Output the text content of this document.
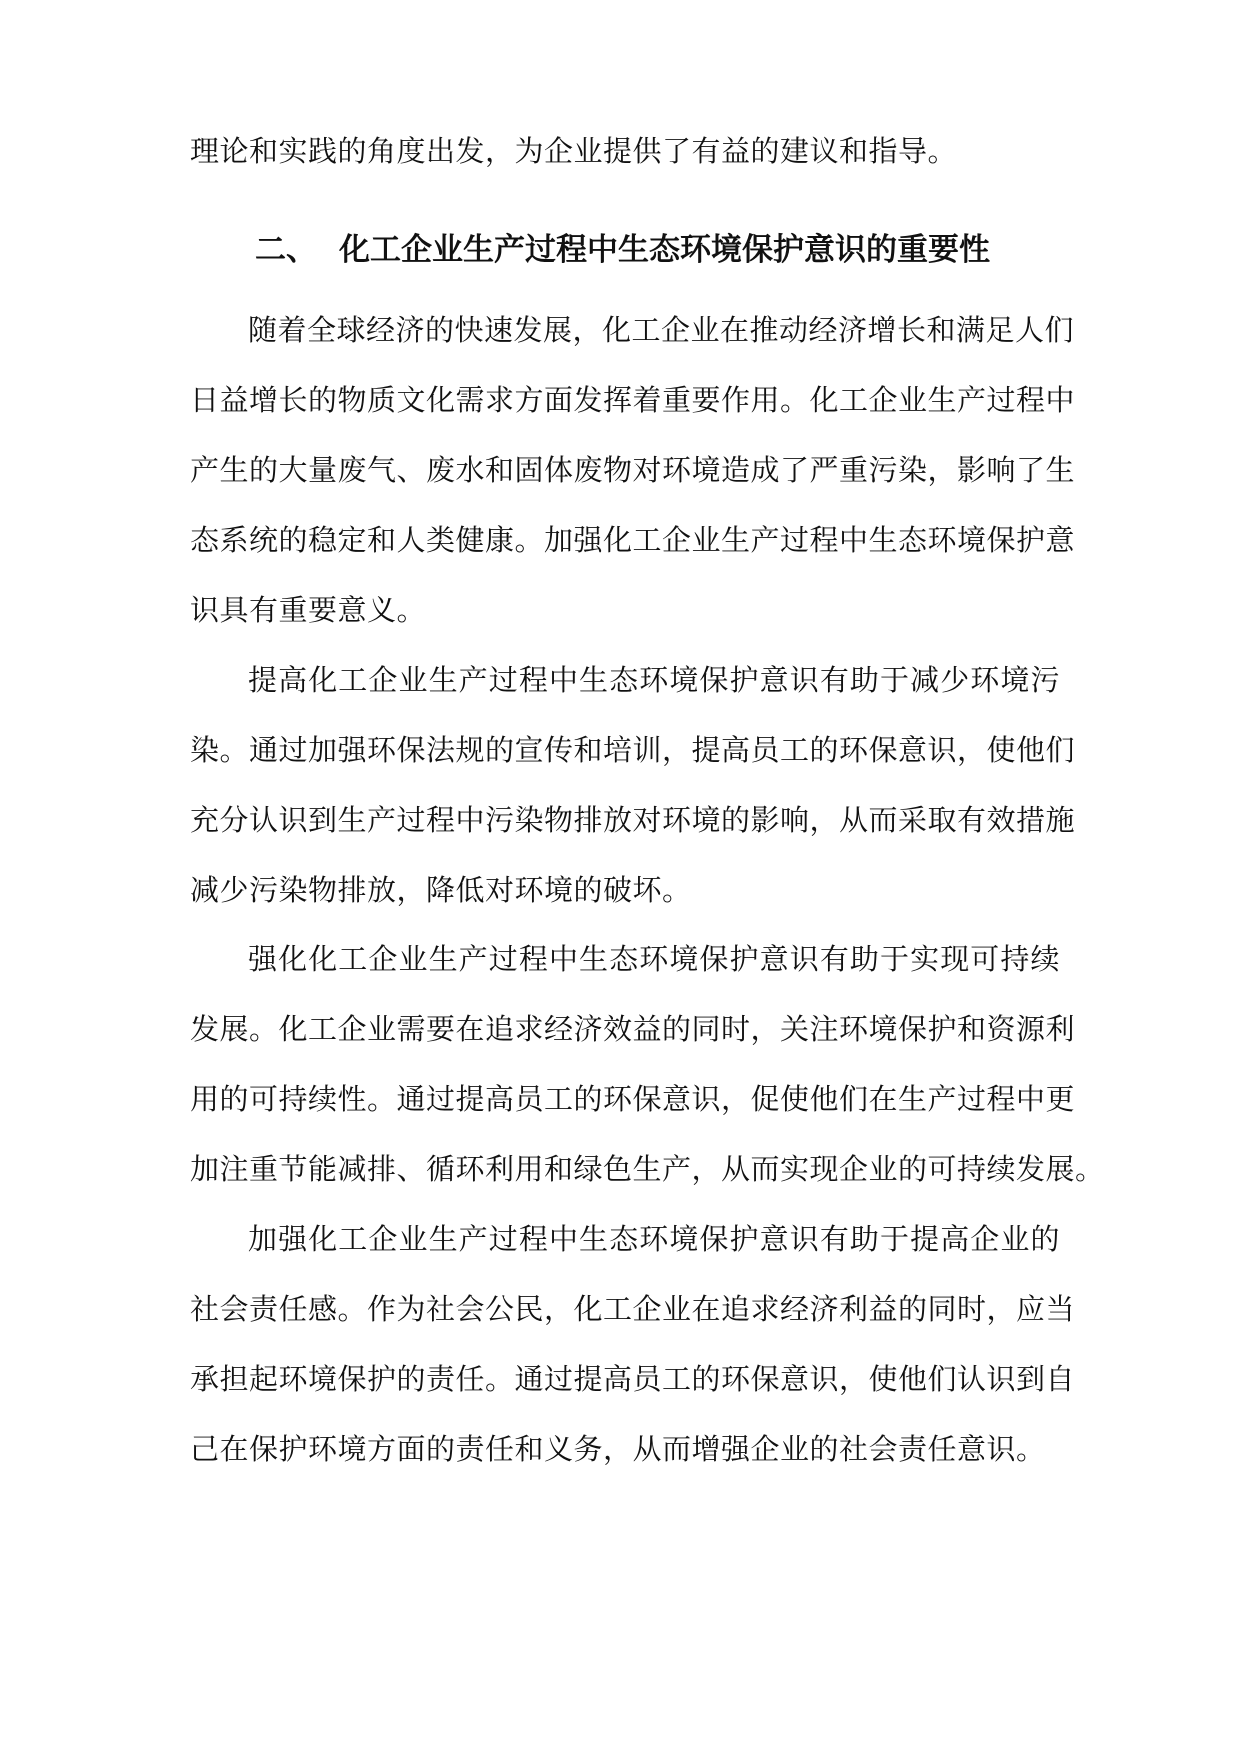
理论和实践的角度出发，为企业提供了有益的建议和指导。
二、 化工企业生产过程中生态环境保护意识的重要性
随着全球经济的快速发展，化工企业在推动经济增长和满足人们
日益增长的物质文化需求方面发挥着重要作用。化工企业生产过程中
产生的大量废气、废水和固体废物对环境造成了严重污染，影响了生
态系统的稳定和人类健康。加强化工企业生产过程中生态环境保护意
识具有重要意义。
提高化工企业生产过程中生态环境保护意识有助于减少环境污
染。通过加强环保法规的宣传和培训，提高员工的环保意识，使他们
充分认识到生产过程中污染物排放对环境的影响，从而采取有效措施
减少污染物排放，降低对环境的破坏。
强化化工企业生产过程中生态环境保护意识有助于实现可持续
发展。化工企业需要在追求经济效益的同时，关注环境保护和资源利
用的可持续性。通过提高员工的环保意识，促使他们在生产过程中更
加注重节能减排、循环利用和绿色生产，从而实现企业的可持续发展。
加强化工企业生产过程中生态环境保护意识有助于提高企业的
社会责任感。作为社会公民，化工企业在追求经济利益的同时，应当
承担起环境保护的责任。通过提高员工的环保意识，使他们认识到自
己在保护环境方面的责任和义务，从而增强企业的社会责任意识。
